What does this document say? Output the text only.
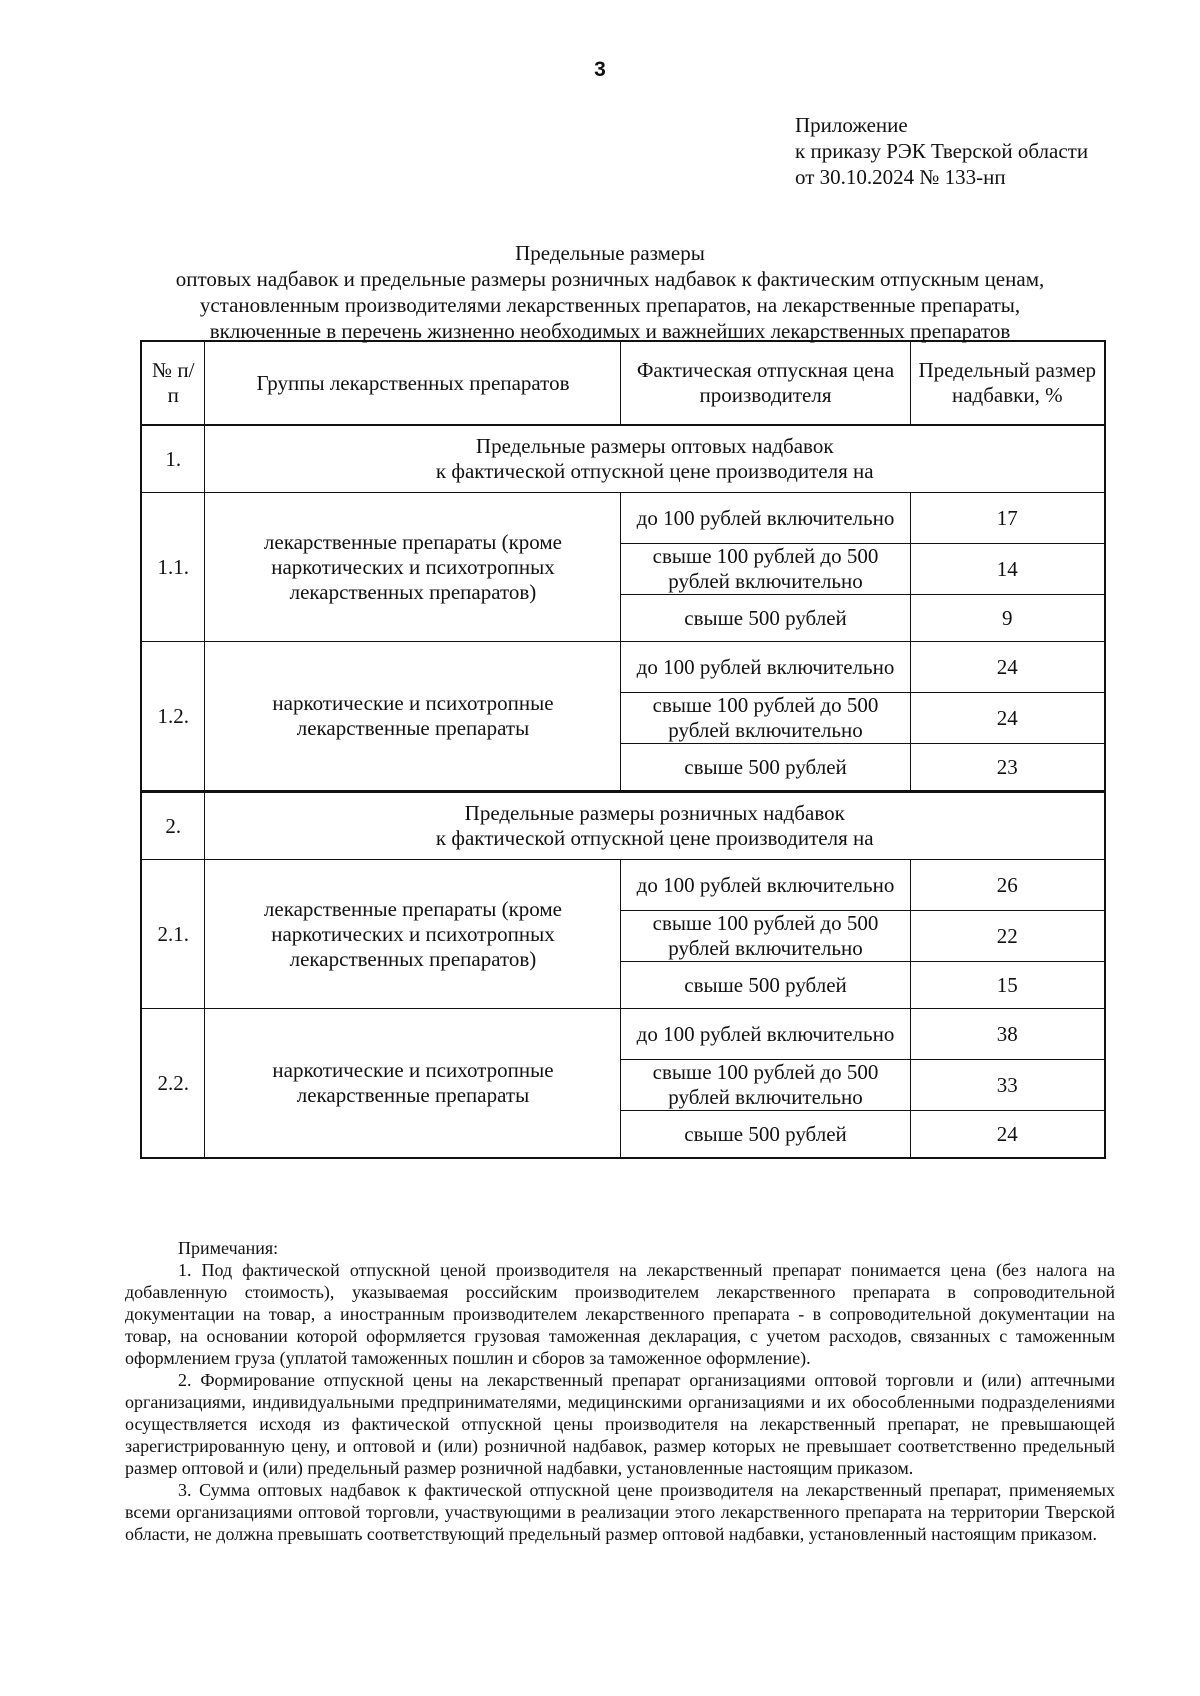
3
Приложение
к приказу РЭК Тверской области
от 30.10.2024 № 133-нп
Предельные размеры
оптовых надбавок и предельные размеры розничных надбавок к фактическим отпускным ценам,
установленным производителями лекарственных препаратов, на лекарственные препараты,
включенные в перечень жизненно необходимых и важнейших лекарственных препаратов
№ п/п	Группы лекарственных препаратов	Фактическая отпускная цена производителя	Предельный размер надбавки, %
1.	Предельные размеры оптовых надбавок
к фактической отпускной цене производителя на		

1.1.	лекарственные препараты (кроме наркотических и психотропных лекарственных препаратов)	до 100 рублей включительно	17
		свыше 100 рублей до 500 рублей включительно	14
		свыше 500 рублей	9
1.2.	наркотические и психотропные лекарственные препараты	до 100 рублей включительно	24
		свыше 100 рублей до 500 рублей включительно	24
		свыше 500 рублей	23
2.	Предельные размеры розничных надбавок
к фактической отпускной цене производителя на		

2.1.	лекарственные препараты (кроме наркотических и психотропных лекарственных препаратов)	до 100 рублей включительно	26
		свыше 100 рублей до 500 рублей включительно	22
		свыше 500 рублей	15
2.2.	наркотические и психотропные лекарственные препараты	до 100 рублей включительно	38
		свыше 100 рублей до 500 рублей включительно	33
		свыше 500 рублей	24
Примечания:

1. Под фактической отпускной ценой производителя на лекарственный препарат понимается цена (без налога на добавленную стоимость), указываемая российским производителем лекарственного препарата в сопроводительной документации на товар, а иностранным производителем лекарственного препарата - в сопроводительной документации на товар, на основании которой оформляется грузовая таможенная декларация, с учетом расходов, связанных с таможенным оформлением груза (уплатой таможенных пошлин и сборов за таможенное оформление).

2. Формирование отпускной цены на лекарственный препарат организациями оптовой торговли и (или) аптечными организациями, индивидуальными предпринимателями, медицинскими организациями и их обособленными подразделениями осуществляется исходя из фактической отпускной цены производителя на лекарственный препарат, не превышающей зарегистрированную цену, и оптовой и (или) розничной надбавок, размер которых не превышает соответственно предельный размер оптовой и (или) предельный размер розничной надбавки, установленные настоящим приказом.

3. Сумма оптовых надбавок к фактической отпускной цене производителя на лекарственный препарат, применяемых всеми организациями оптовой торговли, участвующими в реализации этого лекарственного препарата на территории Тверской области, не должна превышать соответствующий предельный размер оптовой надбавки, установленный настоящим приказом.
